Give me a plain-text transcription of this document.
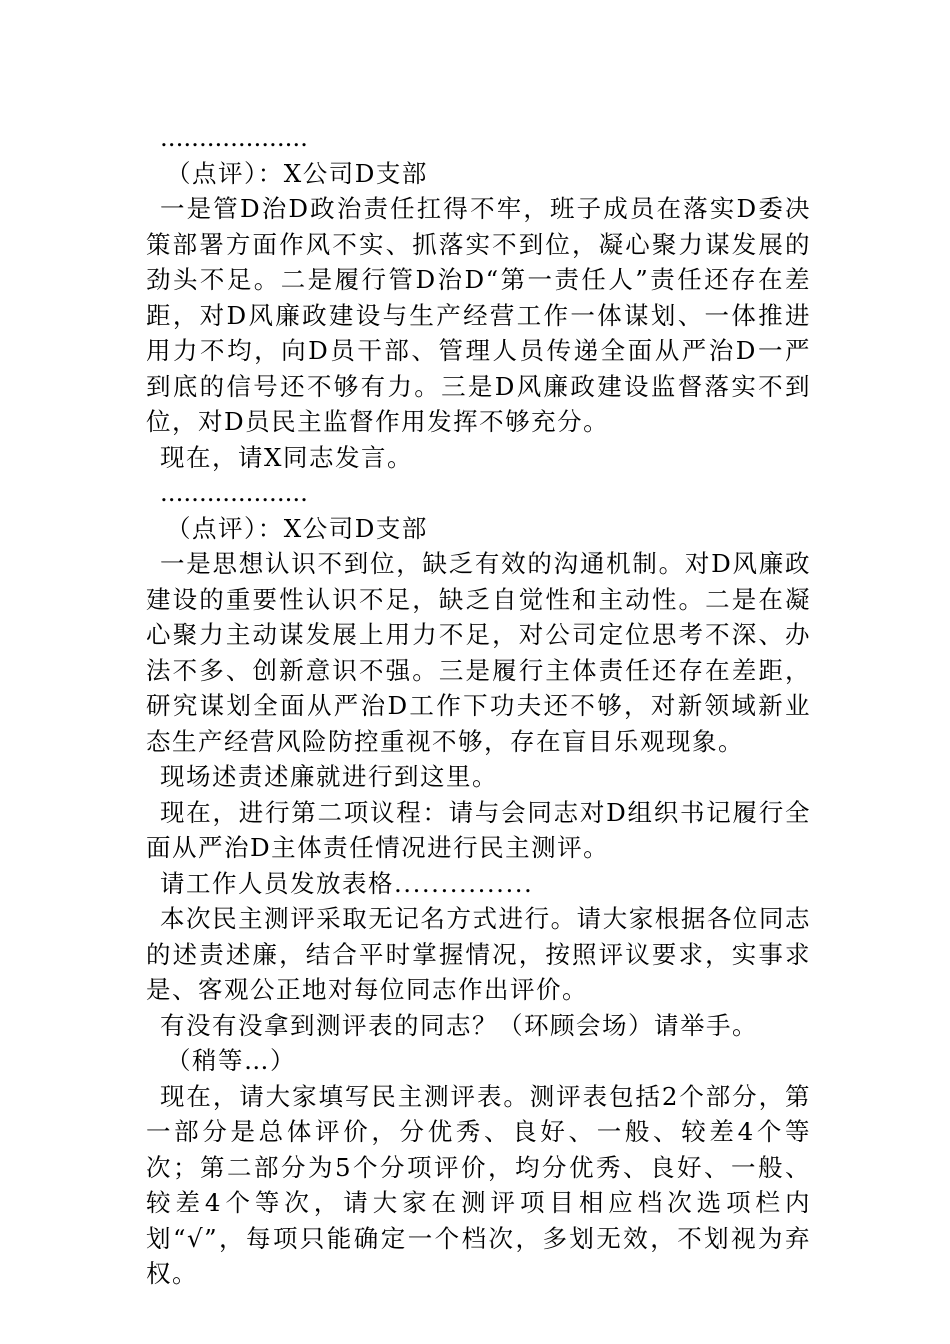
...................

（点评）：X公司D支部

一是管D治D政治责任扛得不牢，班子成员在落实D委决策部署方面作风不实、抓落实不到位，凝心聚力谋发展的劲头不足。二是履行管D治D“第一责任人”责任还存在差距，对D风廉政建设与生产经营工作一体谋划、一体推进用力不均，向D员干部、管理人员传递全面从严治D一严到底的信号还不够有力。三是D风廉政建设监督落实不到位，对D员民主监督作用发挥不够充分。

现在，请X同志发言。

...................

（点评）：X公司D支部

一是思想认识不到位，缺乏有效的沟通机制。对D风廉政建设的重要性认识不足，缺乏自觉性和主动性。二是在凝心聚力主动谋发展上用力不足，对公司定位思考不深、办法不多、创新意识不强。三是履行主体责任还存在差距，研究谋划全面从严治D工作下功夫还不够，对新领域新业态生产经营风险防控重视不够，存在盲目乐观现象。

现场述责述廉就进行到这里。

现在，进行第二项议程：请与会同志对D组织书记履行全面从严治D主体责任情况进行民主测评。

请工作人员发放表格...............

本次民主测评采取无记名方式进行。请大家根据各位同志的述责述廉，结合平时掌握情况，按照评议要求，实事求是、客观公正地对每位同志作出评价。

有没有没拿到测评表的同志？（环顾会场）请举手。

（稍等…）

现在，请大家填写民主测评表。测评表包括2个部分，第一部分是总体评价，分优秀、良好、一般、较差4个等次；第二部分为5个分项评价，均分优秀、良好、一般、较差4个等次，请大家在测评项目相应档次选项栏内划“√”，每项只能确定一个档次，多划无效，不划视为弃权。
